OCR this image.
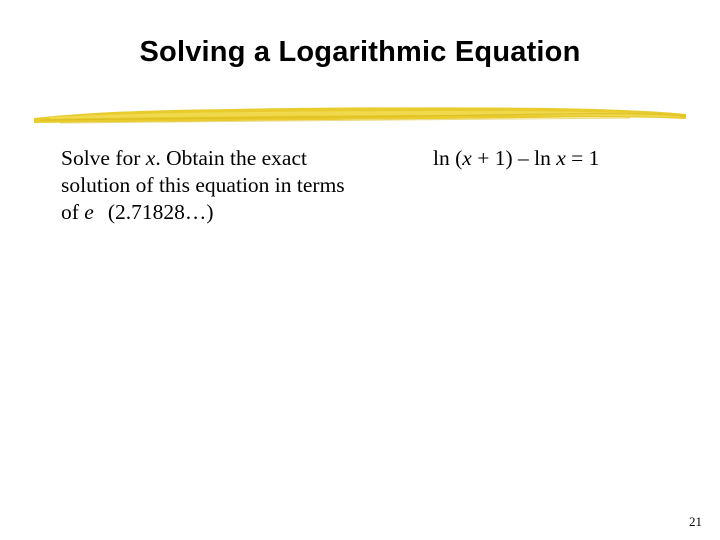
Solving a Logarithmic Equation
Solve for x. Obtain the exact
solution of this equation in terms
of e (2.71828…)
ln (x + 1) – ln x = 1
21
